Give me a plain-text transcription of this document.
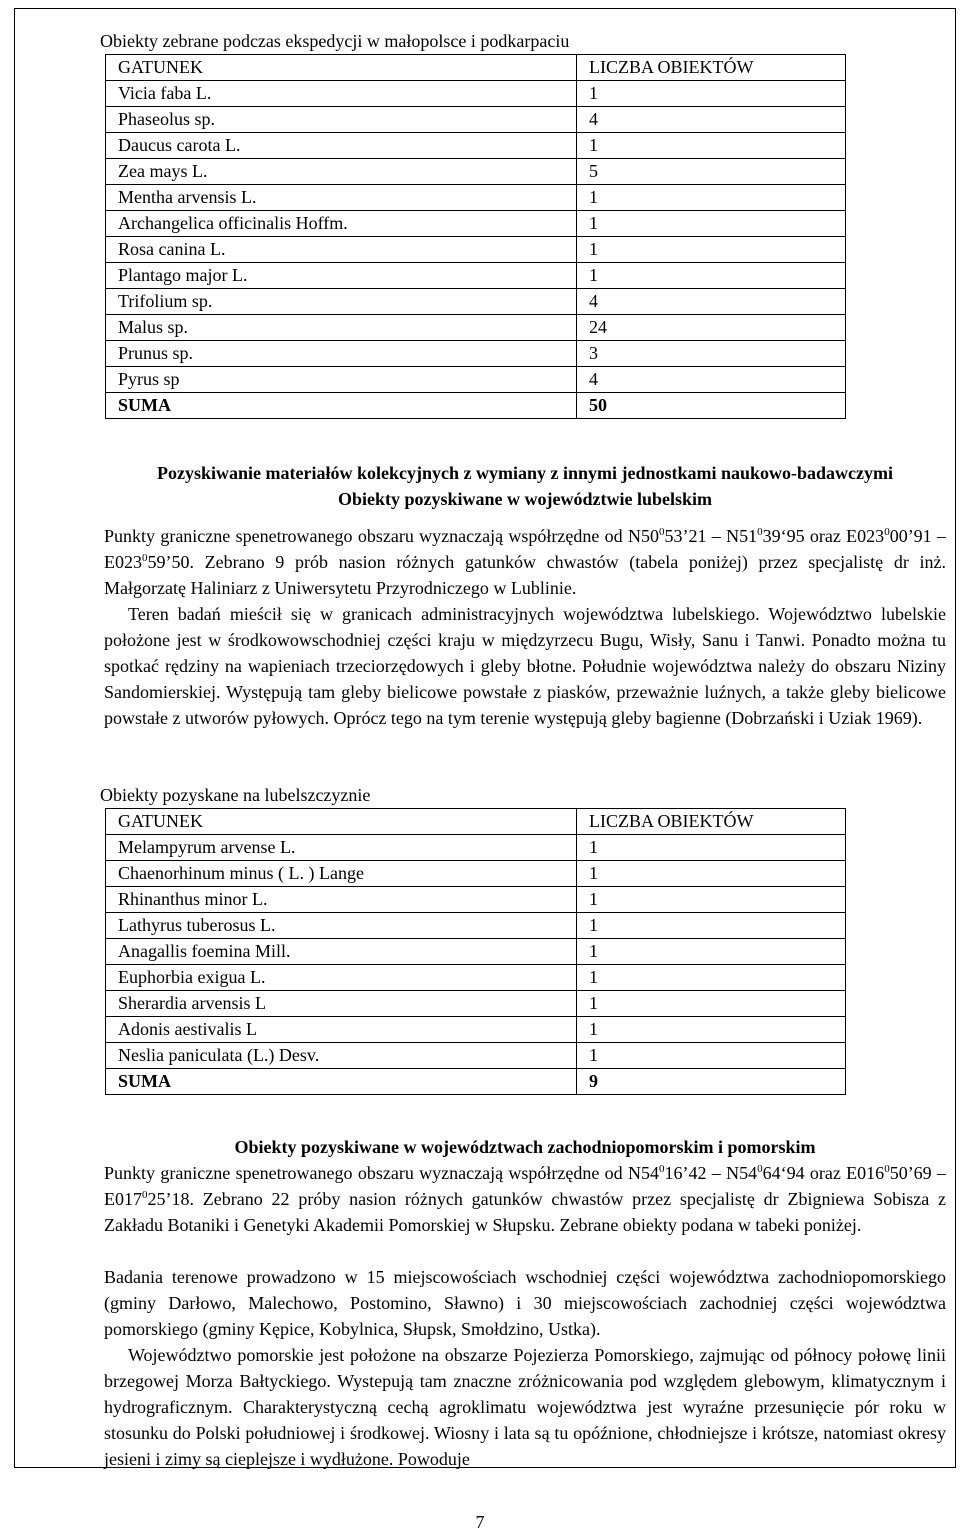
Obiekty zebrane podczas ekspedycji w małopolsce i podkarpaciu
GATUNEK	LICZBA OBIEKTÓW
Vicia faba L.	1
Phaseolus sp.	4
Daucus carota L.	1
Zea mays L.	5
Mentha arvensis L.	1
Archangelica officinalis Hoffm.	1
Rosa canina L.	1
Plantago major L.	1
Trifolium sp.	4
Malus sp.	24
Prunus sp.	3
Pyrus sp	4
SUMA	50
Pozyskiwanie materiałów kolekcyjnych z wymiany z innymi jednostkami naukowo-badawczymi
Obiekty pozyskiwane w województwie lubelskim
Punkty graniczne spenetrowanego obszaru wyznaczają współrzędne od $N50^053’21$ – $N51^039‘95$ oraz $E023^000’91$ – $E023^059’50$. Zebrano 9 prób nasion różnych gatunków chwastów (tabela poniżej) przez specjalistę dr inż. Małgorzatę Haliniarz z Uniwersytetu Przyrodniczego w Lublinie.
Teren badań mieścił się w granicach administracyjnych województwa lubelskiego. Województwo lubelskie położone jest w środkowowschodniej części kraju w międzyrzecu Bugu, Wisły, Sanu i Tanwi. Ponadto można tu spotkać rędziny na wapieniach trzeciorzędowych i gleby błotne. Południe województwa należy do obszaru Niziny Sandomierskiej. Występują tam gleby bielicowe powstałe z piasków, przeważnie luźnych, a także gleby bielicowe powstałe z utworów pyłowych. Oprócz tego na tym terenie występują gleby bagienne (Dobrzański i Uziak 1969).
Obiekty pozyskane na lubelszczyznie
GATUNEK	LICZBA OBIEKTÓW
Melampyrum arvense L.	1
Chaenorhinum minus ( L. ) Lange	1
Rhinanthus minor L.	1
Lathyrus tuberosus L.	1
Anagallis foemina Mill.	1
Euphorbia exigua L.	1
Sherardia arvensis L	1
Adonis aestivalis L	1
Neslia paniculata (L.) Desv.	1
SUMA	9
Obiekty pozyskiwane w województwach zachodniopomorskim i pomorskim
Punkty graniczne spenetrowanego obszaru wyznaczają współrzędne od $N54^016’42$ – $N54^064‘94$ oraz $E016^050’69$ – $E017^025’18$. Zebrano 22 próby nasion różnych gatunków chwastów przez specjalistę dr Zbigniewa Sobisza z Zakładu Botaniki i Genetyki Akademii Pomorskiej w Słupsku. Zebrane obiekty podana w tabeki poniżej.
Badania terenowe prowadzono w 15 miejscowościach wschodniej części województwa zachodniopomorskiego (gminy Darłowo, Malechowo, Postomino, Sławno) i 30 miejscowościach zachodniej części województwa pomorskiego (gminy Kępice, Kobylnica, Słupsk, Smołdzino, Ustka).
Województwo pomorskie jest położone na obszarze Pojezierza Pomorskiego, zajmując od północy połowę linii brzegowej Morza Bałtyckiego. Wystepują tam znaczne zróżnicowania pod względem glebowym, klimatycznym i hydrograficznym. Charakterystyczną cechą agroklimatu województwa jest wyraźne przesunięcie pór roku w stosunku do Polski południowej i środkowej. Wiosny i lata są tu opóźnione, chłodniejsze i krótsze, natomiast okresy jesieni i zimy są cieplejsze i wydłużone. Powoduje
7
